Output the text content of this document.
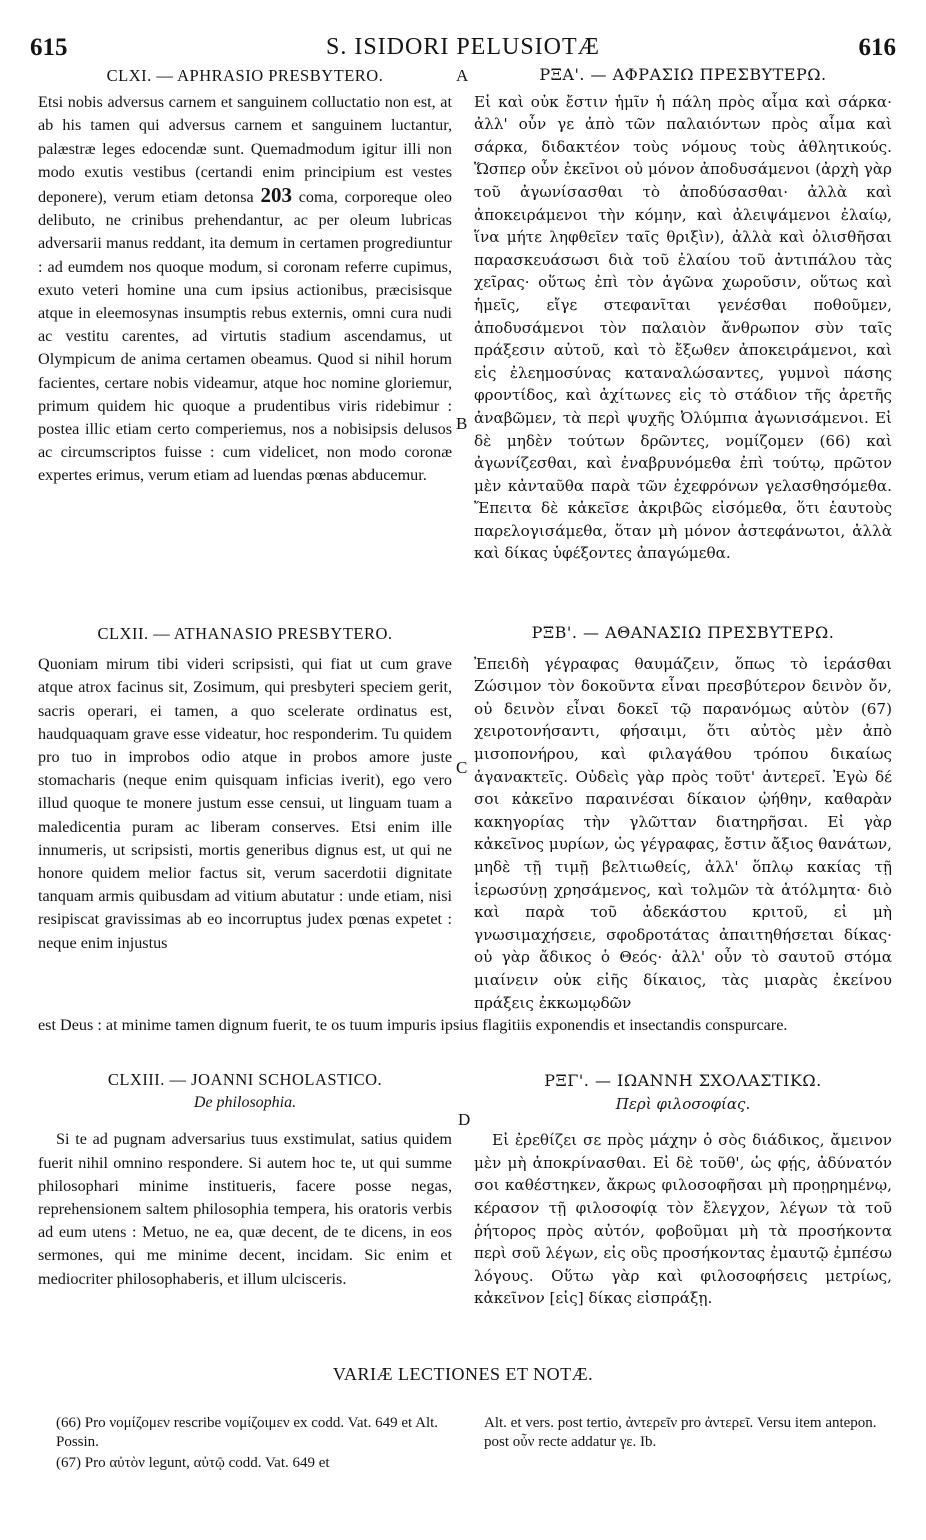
615	S. ISIDORI PELUSIOTÆ	616
A
B
C
D
CLXI. — APHRASIO PRESBYTERO.

Etsi nobis adversus carnem et sanguinem colluctatio non est, at ab his tamen qui adversus carnem et sanguinem luctantur, palæstræ leges edocendæ sunt. Quemadmodum igitur illi non modo exutis vestibus (certandi enim principium est vestes deponere), verum etiam detonsa 203 coma, corporeque oleo delibuto, ne crinibus prehendantur, ac per oleum lubricas adversarii manus reddant, ita demum in certamen progrediuntur : ad eumdem nos quoque modum, si coronam referre cupimus, exuto veteri homine una cum ipsius actionibus, præcisisque atque in eleemosynas insumptis rebus externis, omni cura nudi ac vestitu carentes, ad virtutis stadium ascendamus, ut Olympicum de anima certamen obeamus. Quod si nihil horum facientes, certare nobis videamur, atque hoc nomine gloriemur, primum quidem hic quoque a prudentibus viris ridebimur : postea illic etiam certo comperiemus, nos a nobisipsis delusos ac circumscriptos fuisse : cum videlicet, non modo coronæ expertes erimus, verum etiam ad luendas pœnas abducemur.

ΡΞΑ'. — ΑΦΡΑΣΙΩ ΠΡΕΣΒΥΤΕΡΩ.

Εἰ καὶ οὐκ ἔστιν ἡμῖν ἡ πάλη πρὸς αἷμα καὶ σάρκα· ἀλλ' οὖν γε ἀπὸ τῶν παλαιόντων πρὸς αἷμα καὶ σάρκα, διδακτέον τοὺς νόμους τοὺς ἀθλητικούς. Ὥσπερ οὖν ἐκεῖνοι οὐ μόνον ἀποδυσάμενοι (ἀρχὴ γὰρ τοῦ ἀγωνίσασθαι τὸ ἀποδύσασθαι· ἀλλὰ καὶ ἀποκειράμενοι τὴν κόμην, καὶ ἀλειψάμενοι ἐλαίῳ, ἵνα μήτε ληφθεῖεν ταῖς θριξὶν), ἀλλὰ καὶ ὀλισθῆσαι παρασκευάσωσι διὰ τοῦ ἐλαίου τοῦ ἀντιπάλου τὰς χεῖρας· οὕτως ἐπὶ τὸν ἀγῶνα χωροῦσιν, οὕτως καὶ ἡμεῖς, εἴγε στεφανῖται γενέσθαι ποθοῦμεν, ἀποδυσάμενοι τὸν παλαιὸν ἄνθρωπον σὺν ταῖς πράξεσιν αὐτοῦ, καὶ τὸ ἔξωθεν ἀποκειράμενοι, καὶ εἰς ἐλεημοσύνας καταναλώσαντες, γυμνοὶ πάσης φροντίδος, καὶ ἀχίτωνες εἰς τὸ στάδιον τῆς ἀρετῆς ἀναβῶμεν, τὰ περὶ ψυχῆς Ὀλύμπια ἀγωνισάμενοι. Εἰ δὲ μηδὲν τούτων δρῶντες, νομίζομεν (66) καὶ ἀγωνίζεσθαι, καὶ ἐναβρυνόμεθα ἐπὶ τούτῳ, πρῶτον μὲν κἀνταῦθα παρὰ τῶν ἐχεφρόνων γελασθησόμεθα. Ἔπειτα δὲ κἀκεῖσε ἀκριβῶς εἰσόμεθα, ὅτι ἑαυτοὺς παρελογισάμεθα, ὅταν μὴ μόνον ἀστεφάνωτοι, ἀλλὰ καὶ δίκας ὑφέξοντες ἀπαγώμεθα.

CLXII. — ATHANASIO PRESBYTERO.

Quoniam mirum tibi videri scripsisti, qui fiat ut cum grave atque atrox facinus sit, Zosimum, qui presbyteri speciem gerit, sacris operari, ei tamen, a quo scelerate ordinatus est, haudquaquam grave esse videatur, hoc responderim. Tu quidem pro tuo in improbos odio atque in probos amore juste stomacharis (neque enim quisquam inficias iverit), ego vero illud quoque te monere justum esse censui, ut linguam tuam a maledicentia puram ac liberam conserves. Etsi enim ille innumeris, ut scripsisti, mortis generibus dignus est, ut qui ne honore quidem melior factus sit, verum sacerdotii dignitate tanquam armis quibusdam ad vitium abutatur : unde etiam, nisi resipiscat gravissimas ab eo incorruptus judex pœnas expetet : neque enim injustus

ΡΞΒ'. — ΑΘΑΝΑΣΙΩ ΠΡΕΣΒΥΤΕΡΩ.

Ἐπειδὴ γέγραφας θαυμάζειν, ὅπως τὸ ἱεράσθαι Ζώσιμον τὸν δοκοῦντα εἶναι πρεσβύτερον δεινὸν ὄν, οὐ δεινὸν εἶναι δοκεῖ τῷ παρανόμως αὐτὸν (67) χειροτονήσαντι, φήσαιμι, ὅτι αὐτὸς μὲν ἀπὸ μισοπονήρου, καὶ φιλαγάθου τρόπου δικαίως ἀγανακτεῖς. Οὐδεὶς γὰρ πρὸς τοῦτ' ἀντερεῖ. Ἐγὼ δέ σοι κἀκεῖνο παραινέσαι δίκαιον ᾠήθην, καθαρὰν κακηγορίας τὴν γλῶτταν διατηρῆσαι. Εἰ γὰρ κἀκεῖνος μυρίων, ὡς γέγραφας, ἔστιν ἄξιος θανάτων, μηδὲ τῇ τιμῇ βελτιωθείς, ἀλλ' ὅπλῳ κακίας τῇ ἱερωσύνῃ χρησάμενος, καὶ τολμῶν τὰ ἀτόλμητα· διὸ καὶ παρὰ τοῦ ἀδεκάστου κριτοῦ, εἰ μὴ γνωσιμαχήσειε, σφοδροτάτας ἀπαιτηθήσεται δίκας· οὐ γὰρ ἄδικος ὁ Θεός· ἀλλ' οὖν τὸ σαυτοῦ στόμα μιαίνειν οὐκ εἰῆς δίκαιος, τὰς μιαρὰς ἐκείνου πράξεις ἐκκωμῳδῶν

est Deus : at minime tamen dignum fuerit, te os tuum impuris ipsius flagitiis exponendis et insectandis conspurcare.
CLXIII. — JOANNI SCHOLASTICO.
De philosophia.

Si te ad pugnam adversarius tuus exstimulat, satius quidem fuerit nihil omnino respondere. Si autem hoc te, ut qui summe philosophari minime institueris, facere posse negas, reprehensionem saltem philosophia tempera, his oratoris verbis ad eum utens : Metuo, ne ea, quæ decent, de te dicens, in eos sermones, qui me minime decent, incidam. Sic enim et mediocriter philosophaberis, et illum ulcisceris.

ΡΞΓ'. — ΙΩΑΝΝΗ ΣΧΟΛΑΣΤΙΚΩ.
Περὶ φιλοσοφίας.

Εἰ ἐρεθίζει σε πρὸς μάχην ὁ σὸς διάδικος, ἄμεινον μὲν μὴ ἀποκρίνασθαι. Εἰ δὲ τοῦθ', ὡς φῄς, ἀδύνατόν σοι καθέστηκεν, ἄκρως φιλοσοφῆσαι μὴ προῃρημένῳ, κέρασον τῇ φιλοσοφίᾳ τὸν ἔλεγχον, λέγων τὰ τοῦ ῥήτορος πρὸς αὐτόν, φοβοῦμαι μὴ τὰ προσήκοντα περὶ σοῦ λέγων, εἰς οὓς προσήκοντας ἐμαυτῷ ἐμπέσω λόγους. Οὕτω γὰρ καὶ φιλοσοφήσεις μετρίως, κἀκεῖνον [εἰς] δίκας εἰσπράξῃ.

VARIÆ LECTIONES ET NOTÆ.
(66) Pro νομίζομεν rescribe νομίζοιμεν ex codd. Vat. 649 et Alt. Possin.
(67) Pro αὐτὸν legunt, αὐτῷ codd. Vat. 649 et
Alt. et vers. post tertio, ἀντερεῖν pro ἀντερεῖ. Versu item antepon. post οὖν recte addatur γε. Ib.
